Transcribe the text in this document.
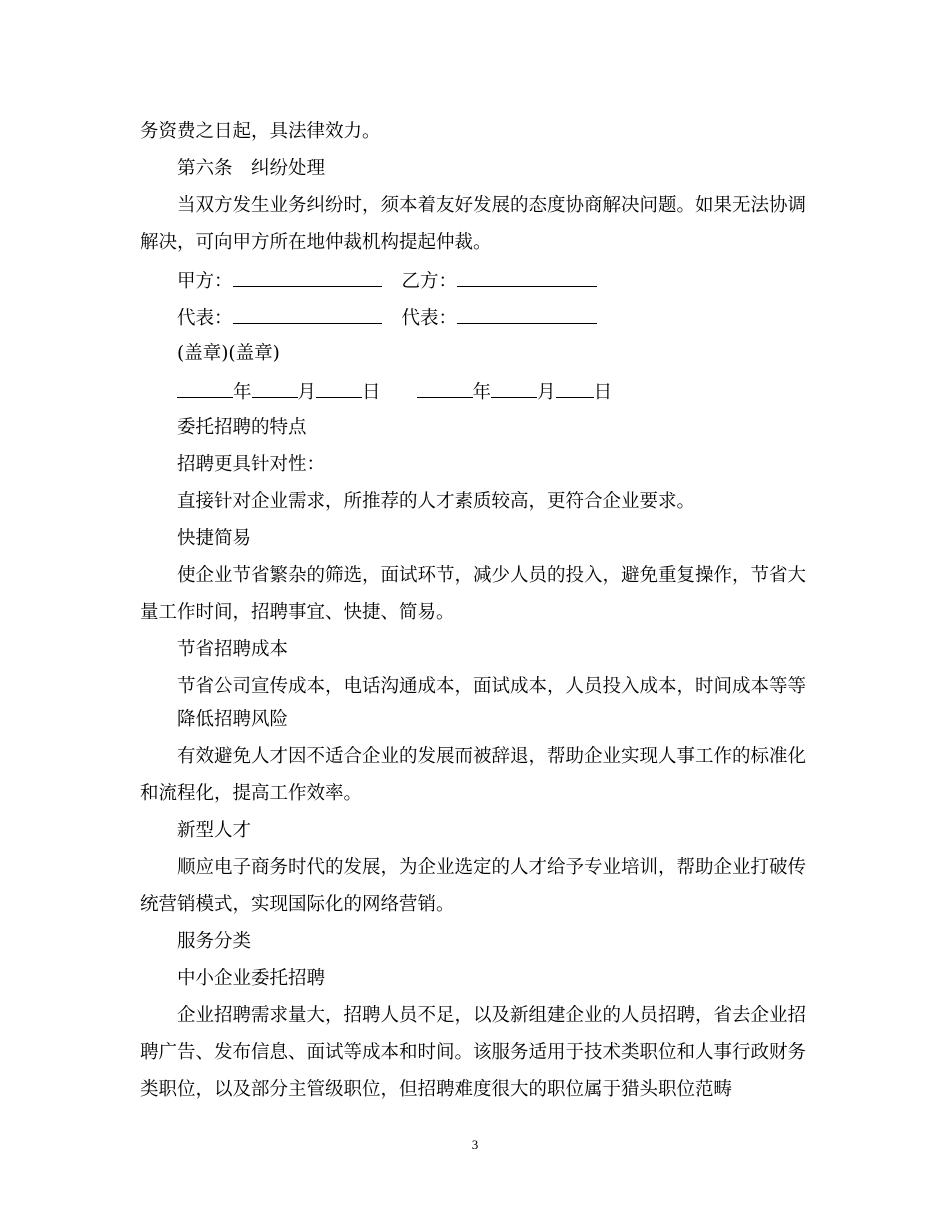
务资费之日起，具法律效力。
第六条　纠纷处理
当双方发生业务纠纷时，须本着友好发展的态度协商解决问题。如果无法协调
解决，可向甲方所在地仲裁机构提起仲裁。
甲方：	乙方：
代表：	代表：
(盖章)(盖章)
年 月 日	年 月 日
委托招聘的特点
招聘更具针对性：
直接针对企业需求，所推荐的人才素质较高，更符合企业要求。
快捷简易
使企业节省繁杂的筛选，面试环节，减少人员的投入，避免重复操作，节省大
量工作时间，招聘事宜、快捷、简易。
节省招聘成本
节省公司宣传成本，电话沟通成本，面试成本，人员投入成本，时间成本等等
降低招聘风险
有效避免人才因不适合企业的发展而被辞退，帮助企业实现人事工作的标准化
和流程化，提高工作效率。
新型人才
顺应电子商务时代的发展，为企业选定的人才给予专业培训，帮助企业打破传
统营销模式，实现国际化的网络营销。
服务分类
中小企业委托招聘
企业招聘需求量大，招聘人员不足，以及新组建企业的人员招聘，省去企业招
聘广告、发布信息、面试等成本和时间。该服务适用于技术类职位和人事行政财务
类职位，以及部分主管级职位，但招聘难度很大的职位属于猎头职位范畴
3
